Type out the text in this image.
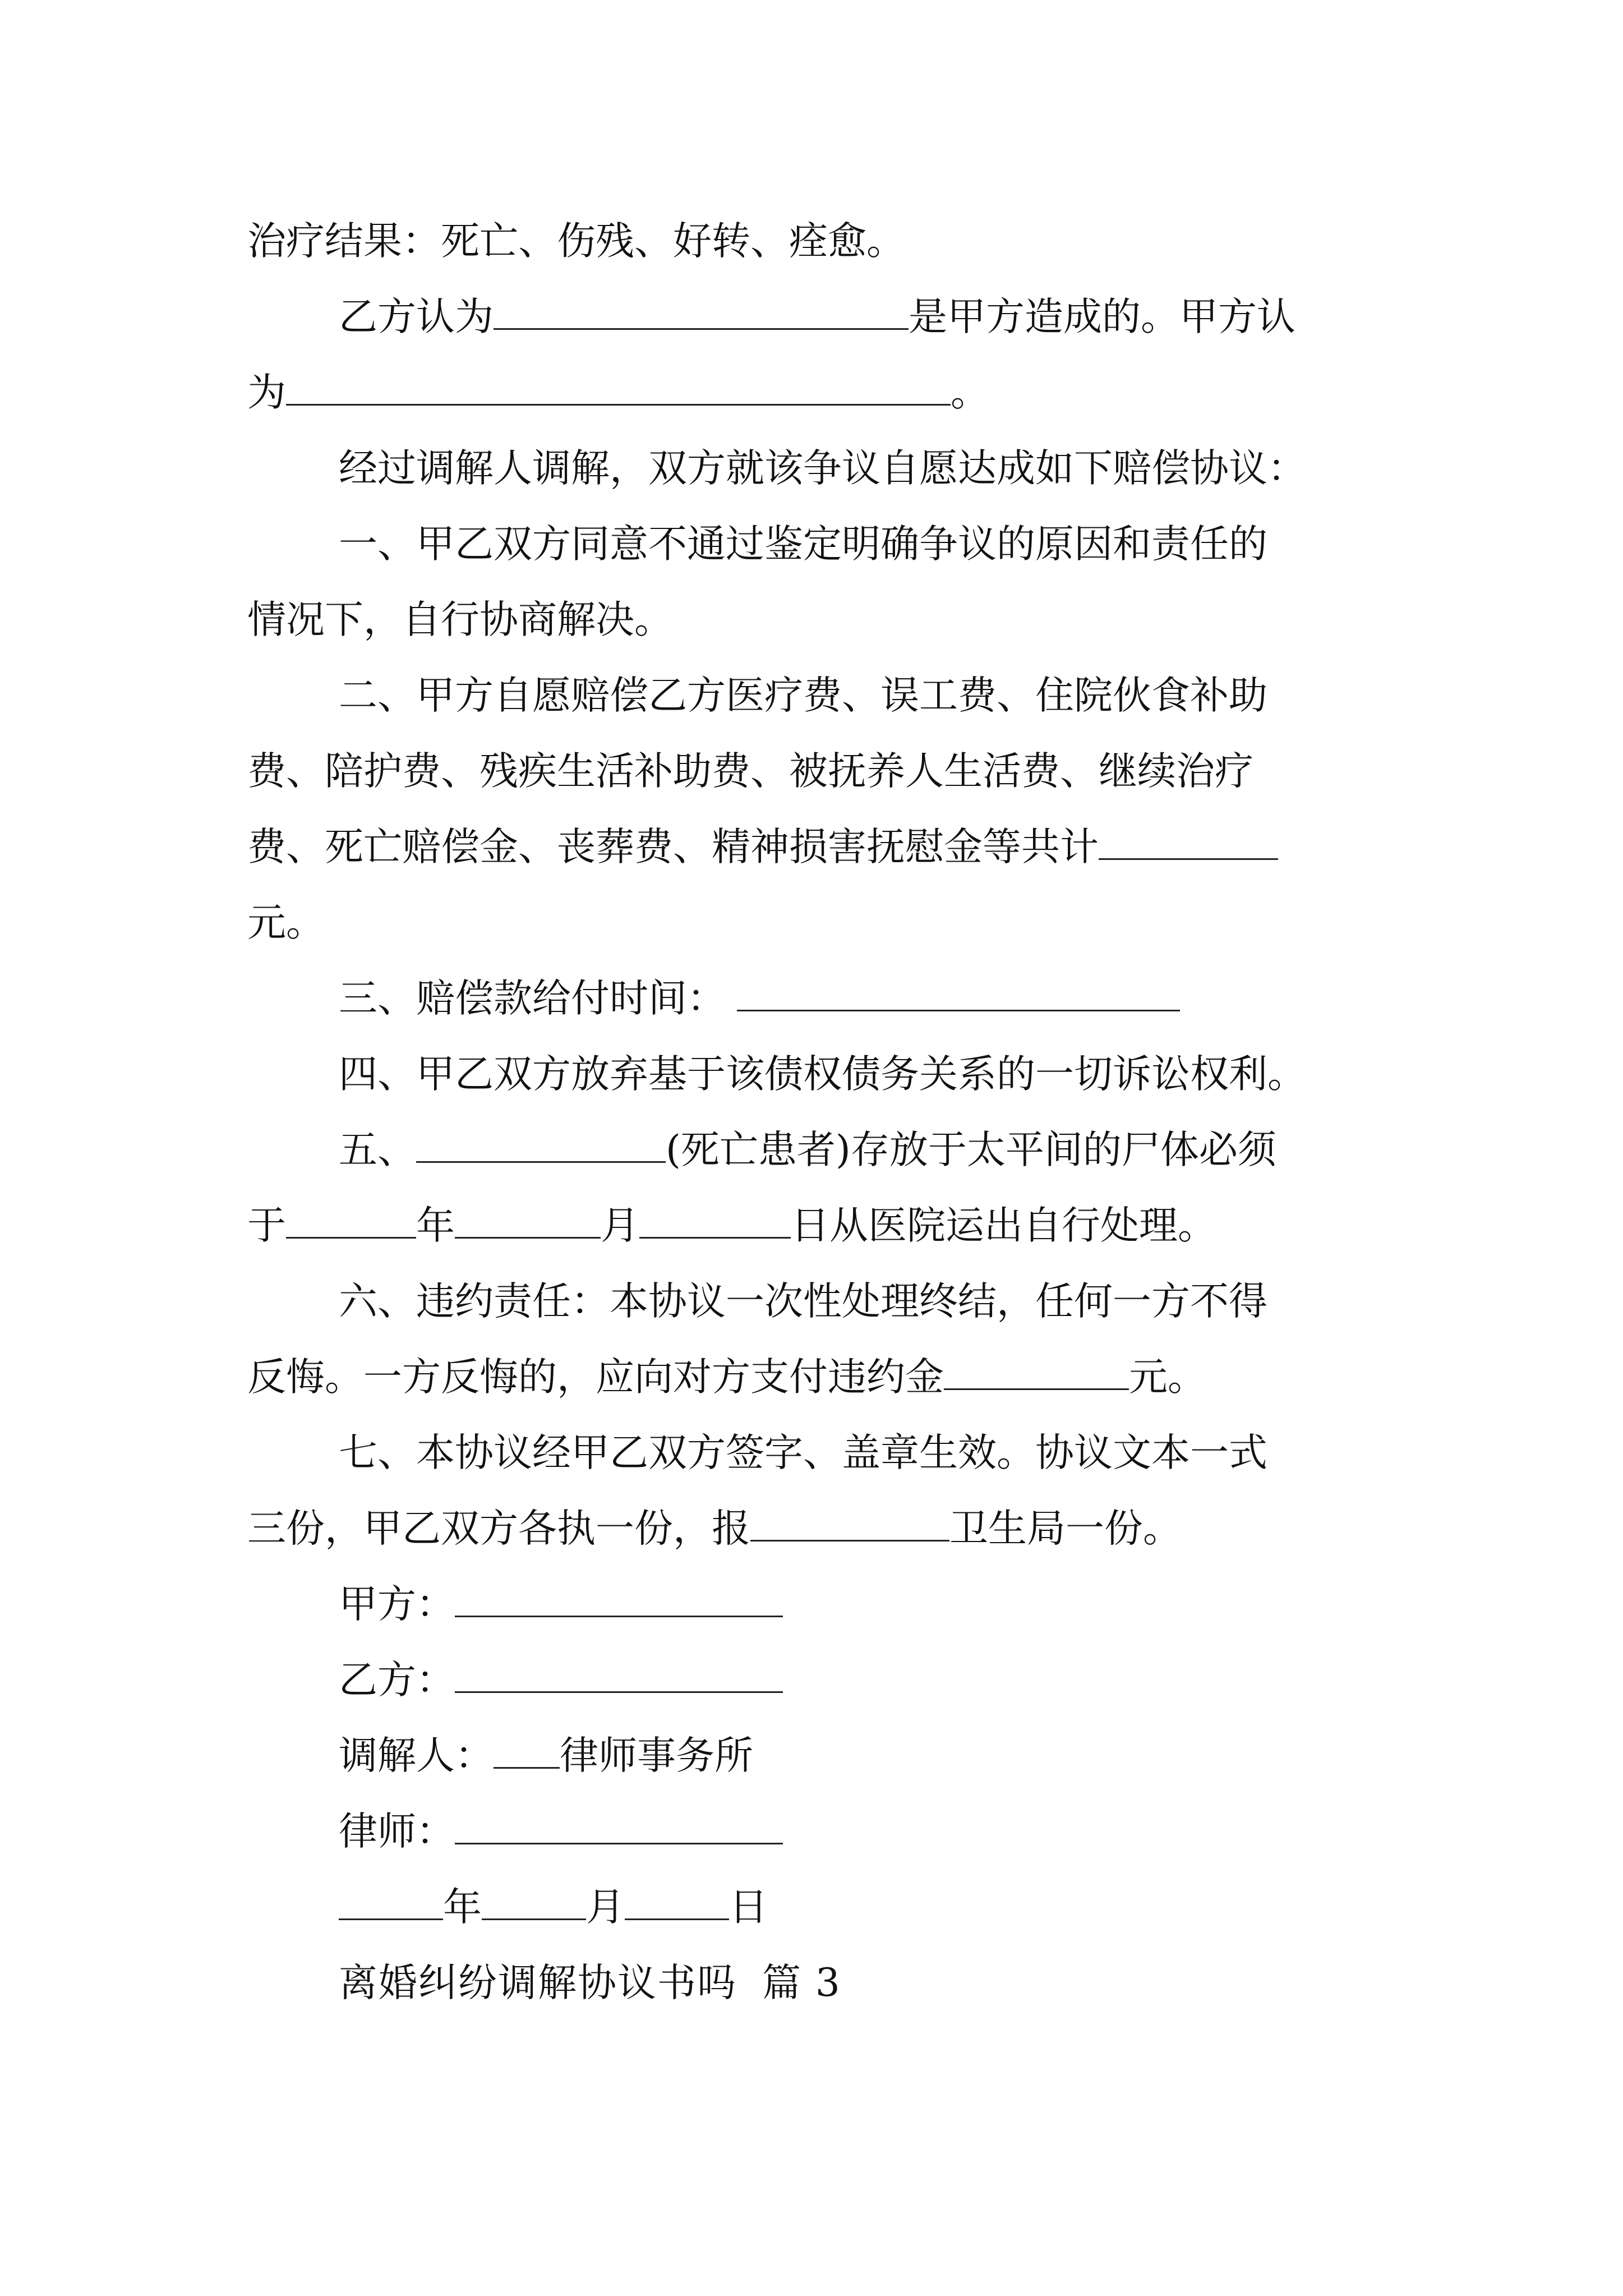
治疗结果：死亡、伤残、好转、痊愈。
乙方认为	是甲方造成的。甲方认
为	。
经过调解人调解，双方就该争议自愿达成如下赔偿协议：
一、甲乙双方同意不通过鉴定明确争议的原因和责任的
情况下，自行协商解决。
二、甲方自愿赔偿乙方医疗费、误工费、住院伙食补助
费、陪护费、残疾生活补助费、被抚养人生活费、继续治疗
费、死亡赔偿金、丧葬费、精神损害抚慰金等共计
元。
三、赔偿款给付时间：
四、甲乙双方放弃基于该债权债务关系的一切诉讼权利。
五、	(死亡患者)存放于太平间的尸体必须
于	年	月	日从医院运出自行处理。
六、违约责任：本协议一次性处理终结，任何一方不得
反悔。一方反悔的，应向对方支付违约金	元。
七、本协议经甲乙双方签字、盖章生效。协议文本一式
三份，甲乙双方各执一份，报	卫生局一份。
甲方：
乙方：
调解人： 律师事务所
律师：
年	月	日
离婚纠纷调解协议书吗 篇 3
